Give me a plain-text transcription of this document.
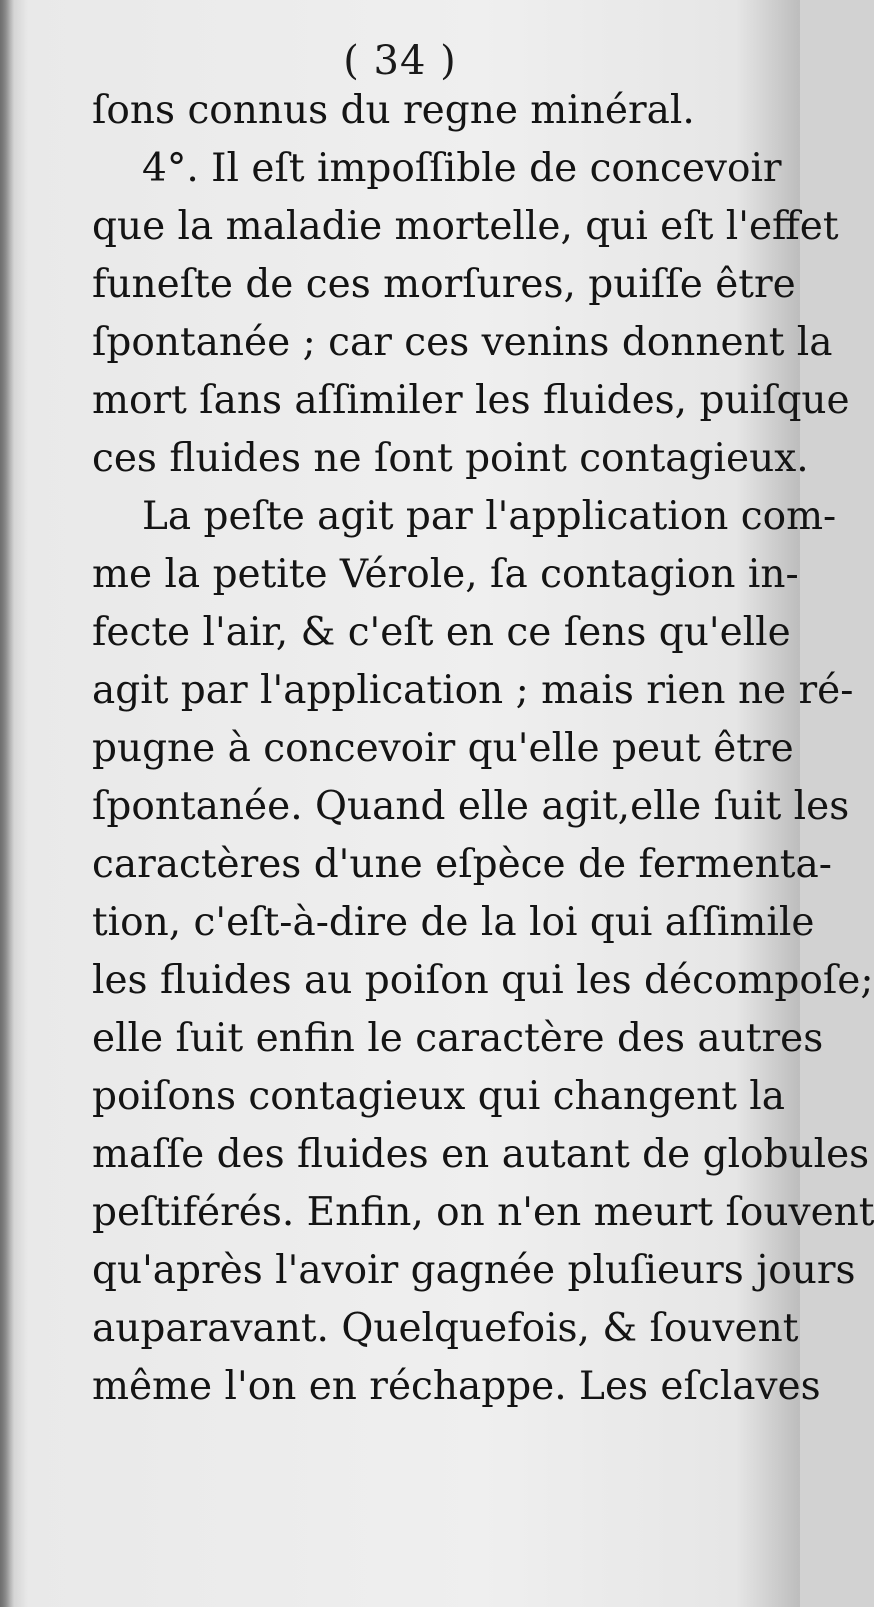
( 34 )
ſons connus du regne minéral.
4°. Il eſt impoſſible de concevoir
que la maladie mortelle, qui eſt l'effet
funeſte de ces morſures, puiſſe être
ſpontanée ; car ces venins donnent la
mort ſans aſſimiler les fluides, puiſque
ces fluides ne ſont point contagieux.
La peſte agit par l'application com-
me la petite Vérole, ſa contagion in-
fecte l'air, & c'eſt en ce ſens qu'elle
agit par l'application ; mais rien ne ré-
pugne à concevoir qu'elle peut être
ſpontanée. Quand elle agit,elle ſuit les
caractères d'une eſpèce de fermenta-
tion, c'eſt-à-dire de la loi qui aſſimile
les fluides au poiſon qui les décompoſe;
elle ſuit enfin le caractère des autres
poiſons contagieux qui changent la
maſſe des fluides en autant de globules
peſtiférés. Enfin, on n'en meurt ſouvent
qu'après l'avoir gagnée pluſieurs jours
auparavant. Quelquefois, & ſouvent
même l'on en réchappe. Les eſclaves
